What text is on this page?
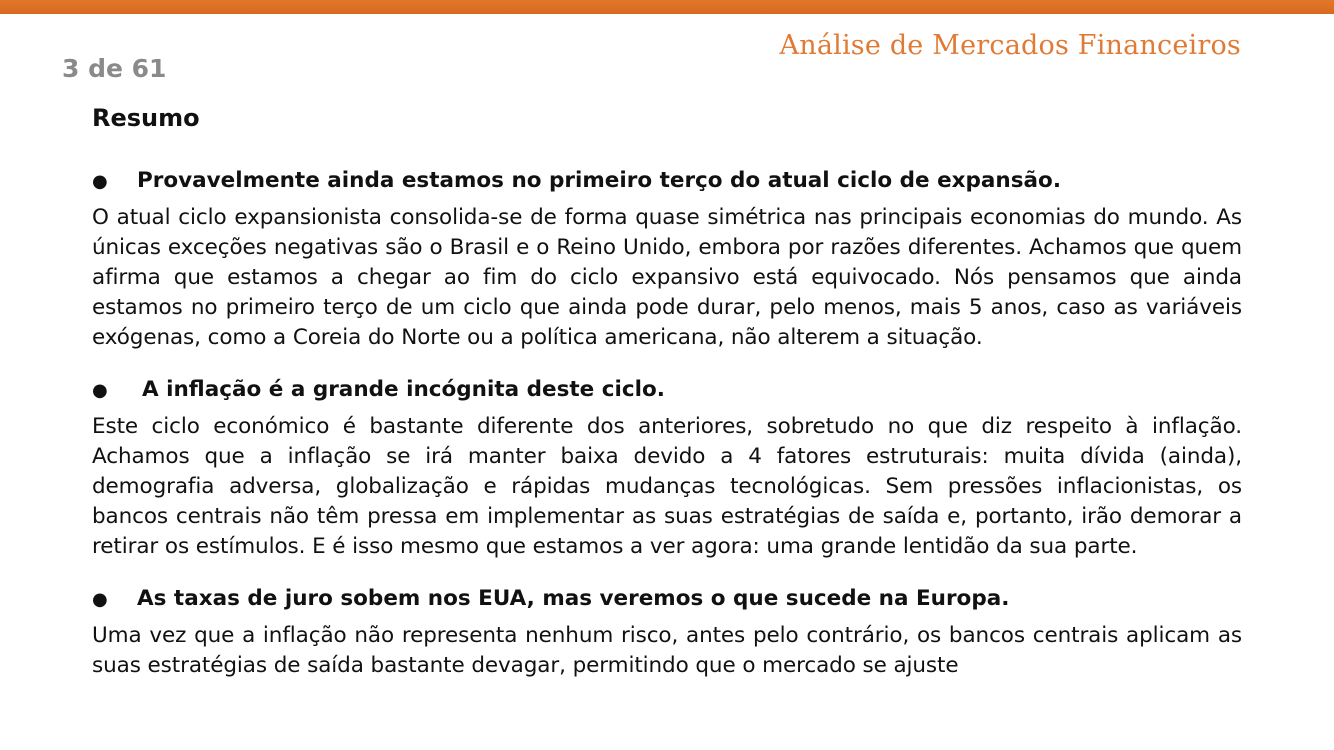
Análise de Mercados Financeiros
3 de 61
Resumo
●	Provavelmente ainda estamos no primeiro terço do atual ciclo de expansão.

O atual ciclo expansionista consolida-se de forma quase simétrica nas principais economias do mundo. As únicas exceções negativas são o Brasil e o Reino Unido, embora por razões diferentes. Achamos que quem afirma que estamos a chegar ao fim do ciclo expansivo está equivocado. Nós pensamos que ainda estamos no primeiro terço de um ciclo que ainda pode durar, pelo menos, mais 5 anos, caso as variáveis exógenas, como a Coreia do Norte ou a política americana, não alterem a situação.

●	A inflação é a grande incógnita deste ciclo.

Este ciclo económico é bastante diferente dos anteriores, sobretudo no que diz respeito à inflação. Achamos que a inflação se irá manter baixa devido a 4 fatores estruturais: muita dívida (ainda), demografia adversa, globalização e rápidas mudanças tecnológicas. Sem pressões inflacionistas, os bancos centrais não têm pressa em implementar as suas estratégias de saída e, portanto, irão demorar a retirar os estímulos. E é isso mesmo que estamos a ver agora: uma grande lentidão da sua parte.

●	As taxas de juro sobem nos EUA, mas veremos o que sucede na Europa.

Uma vez que a inflação não representa nenhum risco, antes pelo contrário, os bancos centrais aplicam as suas estratégias de saída bastante devagar, permitindo que o mercado se ajuste
